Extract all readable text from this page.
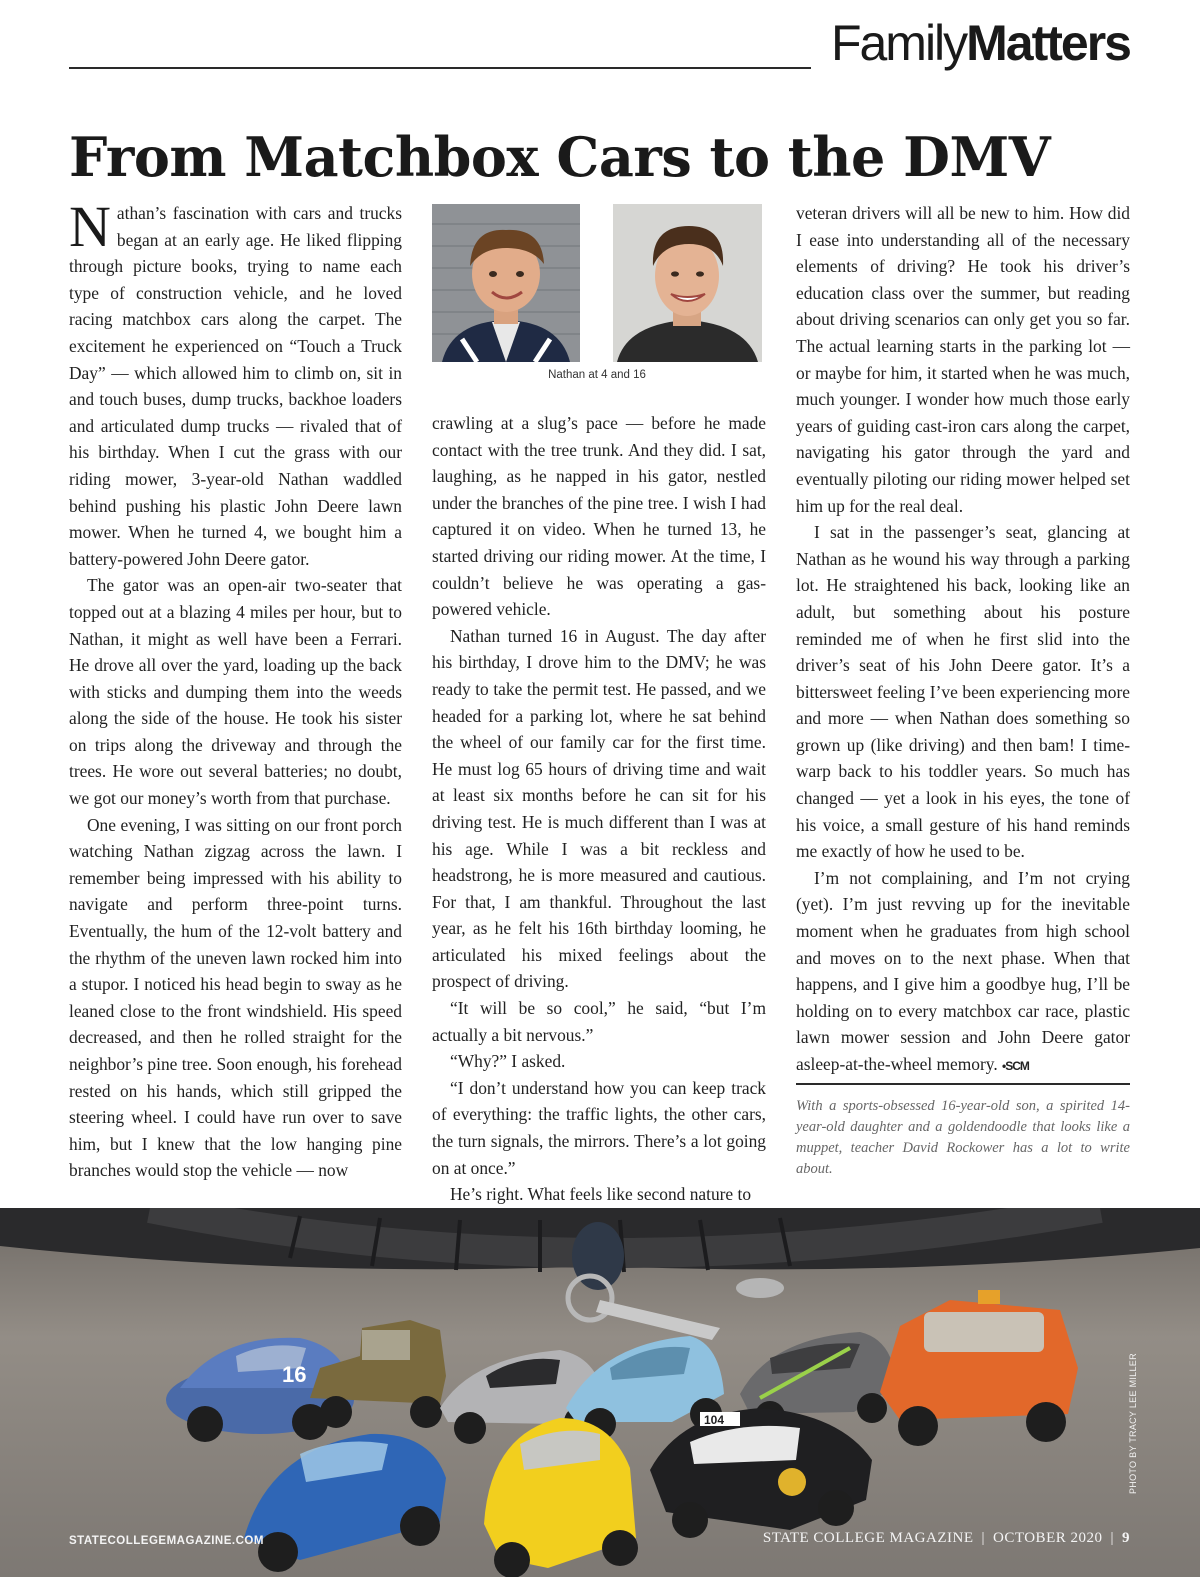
FamilyMatters
From Matchbox Cars to the DMV

Nathan’s fascination with cars and trucks began at an early age. He liked flipping through picture books, trying to name each type of construction vehicle, and he loved racing matchbox cars along the carpet. The excitement he experienced on “Touch a Truck Day” — which allowed him to climb on, sit in and touch buses, dump trucks, backhoe loaders and articulated dump trucks — rivaled that of his birthday. When I cut the grass with our riding mower, 3-year-old Nathan waddled behind pushing his plastic John Deere lawn mower. When he turned 4, we bought him a battery-powered John Deere gator.

The gator was an open-air two-seater that topped out at a blazing 4 miles per hour, but to Nathan, it might as well have been a Ferrari. He drove all over the yard, loading up the back with sticks and dumping them into the weeds along the side of the house. He took his sister on trips along the driveway and through the trees. He wore out several batteries; no doubt, we got our money’s worth from that purchase.

One evening, I was sitting on our front porch watching Nathan zigzag across the lawn. I remember being impressed with his ability to navigate and perform three-point turns. Eventually, the hum of the 12-volt battery and the rhythm of the uneven lawn rocked him into a stupor. I noticed his head begin to sway as he leaned close to the front windshield. His speed decreased, and then he rolled straight for the neighbor’s pine tree. Soon enough, his forehead rested on his hands, which still gripped the steering wheel. I could have run over to save him, but I knew that the low hanging pine branches would stop the vehicle — now

Nathan at 4 and 16

crawling at a slug’s pace — before he made contact with the tree trunk. And they did. I sat, laughing, as he napped in his gator, nestled under the branches of the pine tree. I wish I had captured it on video. When he turned 13, he started driving our riding mower. At the time, I couldn’t believe he was operating a gas-powered vehicle.

Nathan turned 16 in August. The day after his birthday, I drove him to the DMV; he was ready to take the permit test. He passed, and we headed for a parking lot, where he sat behind the wheel of our family car for the first time. He must log 65 hours of driving time and wait at least six months before he can sit for his driving test. He is much different than I was at his age. While I was a bit reckless and headstrong, he is more measured and cautious. For that, I am thankful. Throughout the last year, as he felt his 16th birthday looming, he articulated his mixed feelings about the prospect of driving.

“It will be so cool,” he said, “but I’m actually a bit nervous.”

“Why?” I asked.

“I don’t understand how you can keep track of everything: the traffic lights, the other cars, the turn signals, the mirrors. There’s a lot going on at once.”

He’s right. What feels like second nature to

veteran drivers will all be new to him. How did I ease into understanding all of the necessary elements of driving? He took his driver’s education class over the summer, but reading about driving scenarios can only get you so far. The actual learning starts in the parking lot — or maybe for him, it started when he was much, much younger. I wonder how much those early years of guiding cast-iron cars along the carpet, navigating his gator through the yard and eventually piloting our riding mower helped set him up for the real deal.

I sat in the passenger’s seat, glancing at Nathan as he wound his way through a parking lot. He straightened his back, looking like an adult, but something about his posture reminded me of when he first slid into the driver’s seat of his John Deere gator. It’s a bittersweet feeling I’ve been experiencing more and more — when Nathan does something so grown up (like driving) and then bam! I time-warp back to his toddler years. So much has changed — yet a look in his eyes, the tone of his voice, a small gesture of his hand reminds me exactly of how he used to be.

I’m not complaining, and I’m not crying (yet). I’m just revving up for the inevitable moment when he graduates from high school and moves on to the next phase. When that happens, and I give him a goodbye hug, I’ll be holding on to every matchbox car race, plastic lawn mower session and John Deere gator asleep-at-the-wheel memory. •SCM

With a sports-obsessed 16-year-old son, a spirited 14-year-old daughter and a goldendoodle that looks like a muppet, teacher David Rockower has a lot to write about.
16
104	PHOTO BY TRACY LEE MILLER
STATECOLLEGEMAGAZINE.COM	STATE COLLEGE MAGAZINE | OCTOBER 2020 | 9
